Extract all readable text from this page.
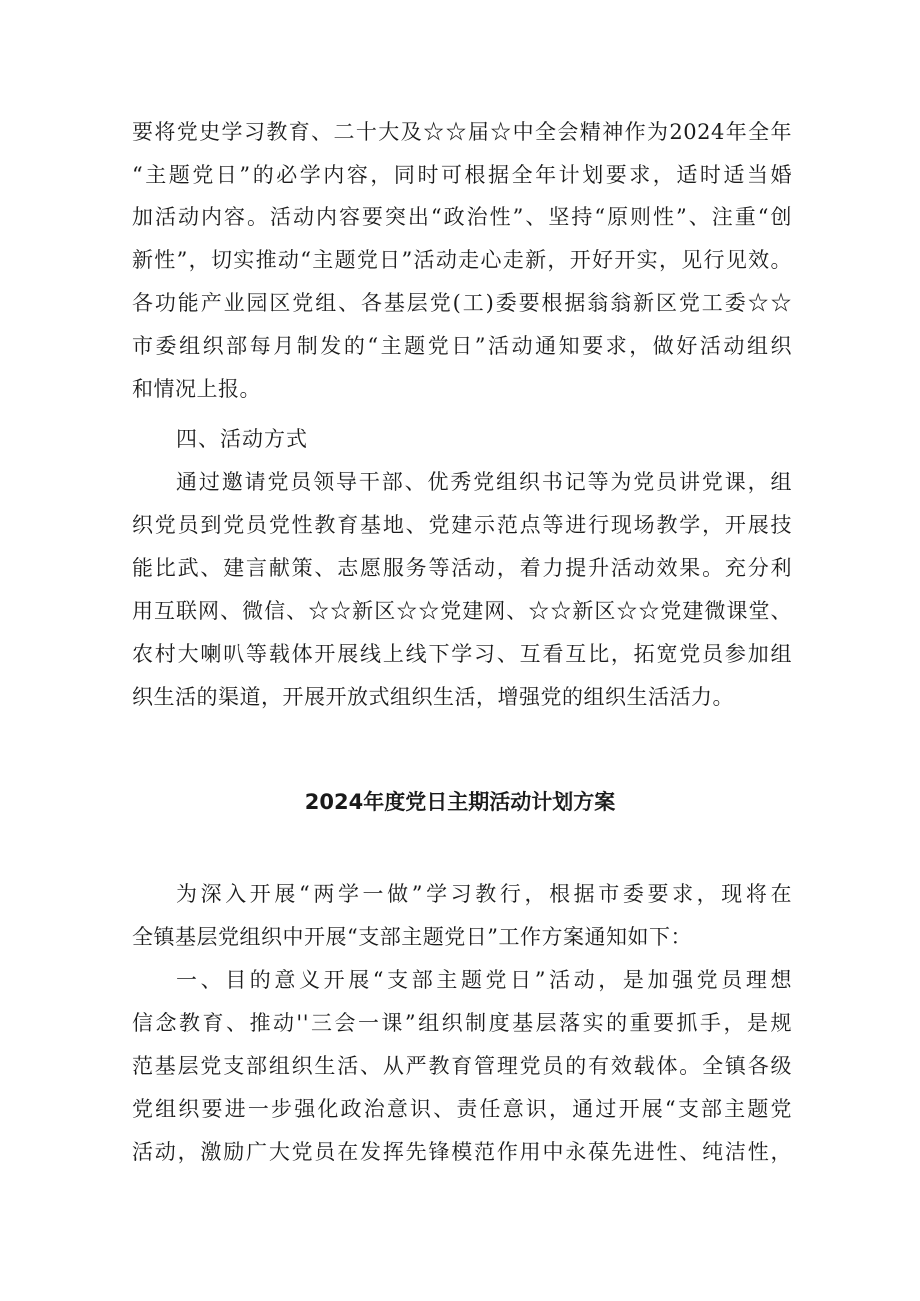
要将党史学习教育、二十大及☆☆届☆中全会精神作为2024年全年
“主题党日”的必学内容，同时可根据全年计划要求，适时适当婚
加活动内容。活动内容要突出“政治性”、坚持“原则性”、注重“创
新性”，切实推动“主题党日”活动走心走新，开好开实，见行见效。
各功能产业园区党组、各基层党(工)委要根据翁翁新区党工委☆☆
市委组织部每月制发的“主题党日”活动通知要求，做好活动组织
和情况上报。
四、活动方式
通过邀请党员领导干部、优秀党组织书记等为党员讲党课，组
织党员到党员党性教育基地、党建示范点等进行现场教学，开展技
能比武、建言献策、志愿服务等活动，着力提升活动效果。充分利
用互联网、微信、☆☆新区☆☆党建网、☆☆新区☆☆党建微课堂、
农村大喇叭等载体开展线上线下学习、互看互比，拓宽党员参加组
织生活的渠道，开展开放式组织生活，增强党的组织生活活力。
2024年度党日主期活动计划方案
为深入开展“两学一做”学习教行，根据市委要求，现将在
全镇基层党组织中开展“支部主题党日”工作方案通知如下：
一、目的意义开展“支部主题党日”活动，是加强党员理想
信念教育、推动''三会一课”组织制度基层落实的重要抓手，是规
范基层党支部组织生活、从严教育管理党员的有效载体。全镇各级
党组织要进一步强化政治意识、责任意识，通过开展“支部主题党
活动，激励广大党员在发挥先锋模范作用中永葆先进性、纯洁性，
